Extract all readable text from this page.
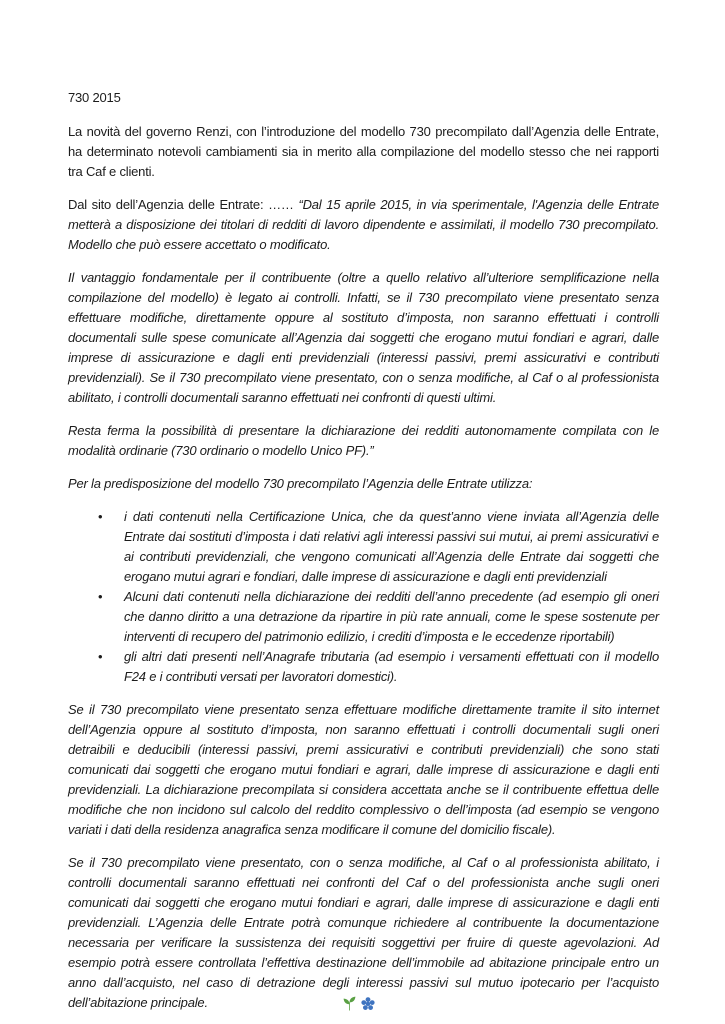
730 2015

La novità del governo Renzi, con l’introduzione del modello 730 precompilato dall’Agenzia delle Entrate, ha determinato notevoli cambiamenti sia in merito alla compilazione del modello stesso che nei rapporti tra Caf e clienti.

Dal sito dell’Agenzia delle Entrate: …… “Dal 15 aprile 2015, in via sperimentale, l'Agenzia delle Entrate metterà a disposizione dei titolari di redditi di lavoro dipendente e assimilati, il modello 730 precompilato. Modello che può essere accettato o modificato.

Il vantaggio fondamentale per il contribuente (oltre a quello relativo all’ulteriore semplificazione nella compilazione del modello) è legato ai controlli. Infatti, se il 730 precompilato viene presentato senza effettuare modifiche, direttamente oppure al sostituto d’imposta, non saranno effettuati i controlli documentali sulle spese comunicate all’Agenzia dai soggetti che erogano mutui fondiari e agrari, dalle imprese di assicurazione e dagli enti previdenziali (interessi passivi, premi assicurativi e contributi previdenziali). Se il 730 precompilato viene presentato, con o senza modifiche, al Caf o al professionista abilitato, i controlli documentali saranno effettuati nei confronti di questi ultimi.

Resta ferma la possibilità di presentare la dichiarazione dei redditi autonomamente compilata con le modalità ordinarie (730 ordinario o modello Unico PF).”

Per la predisposizione del modello 730 precompilato l’Agenzia delle Entrate utilizza:

• i dati contenuti nella Certificazione Unica, che da quest’anno viene inviata all’Agenzia delle Entrate dai sostituti d’imposta i dati relativi agli interessi passivi sui mutui, ai premi assicurativi e ai contributi previdenziali, che vengono comunicati all’Agenzia delle Entrate dai soggetti che erogano mutui agrari e fondiari, dalle imprese di assicurazione e dagli enti previdenziali
• Alcuni dati contenuti nella dichiarazione dei redditi dell’anno precedente (ad esempio gli oneri che danno diritto a una detrazione da ripartire in più rate annuali, come le spese sostenute per interventi di recupero del patrimonio edilizio, i crediti d’imposta e le eccedenze riportabili)
• gli altri dati presenti nell’Anagrafe tributaria (ad esempio i versamenti effettuati con il modello F24 e i contributi versati per lavoratori domestici).

Se il 730 precompilato viene presentato senza effettuare modifiche direttamente tramite il sito internet dell’Agenzia oppure al sostituto d’imposta, non saranno effettuati i controlli documentali sugli oneri detraibili e deducibili (interessi passivi, premi assicurativi e contributi previdenziali) che sono stati comunicati dai soggetti che erogano mutui fondiari e agrari, dalle imprese di assicurazione e dagli enti previdenziali. La dichiarazione precompilata si considera accettata anche se il contribuente effettua delle modifiche che non incidono sul calcolo del reddito complessivo o dell’imposta (ad esempio se vengono variati i dati della residenza anagrafica senza modificare il comune del domicilio fiscale).

Se il 730 precompilato viene presentato, con o senza modifiche, al Caf o al professionista abilitato, i controlli documentali saranno effettuati nei confronti del Caf o del professionista anche sugli oneri comunicati dai soggetti che erogano mutui fondiari e agrari, dalle imprese di assicurazione e dagli enti previdenziali. L’Agenzia delle Entrate potrà comunque richiedere al contribuente la documentazione necessaria per verificare la sussistenza dei requisiti soggettivi per fruire di queste agevolazioni. Ad esempio potrà essere controllata l’effettiva destinazione dell’immobile ad abitazione principale entro un anno dall’acquisto, nel caso di detrazione degli interessi passivi sul mutuo ipotecario per l’acquisto dell’abitazione principale.
